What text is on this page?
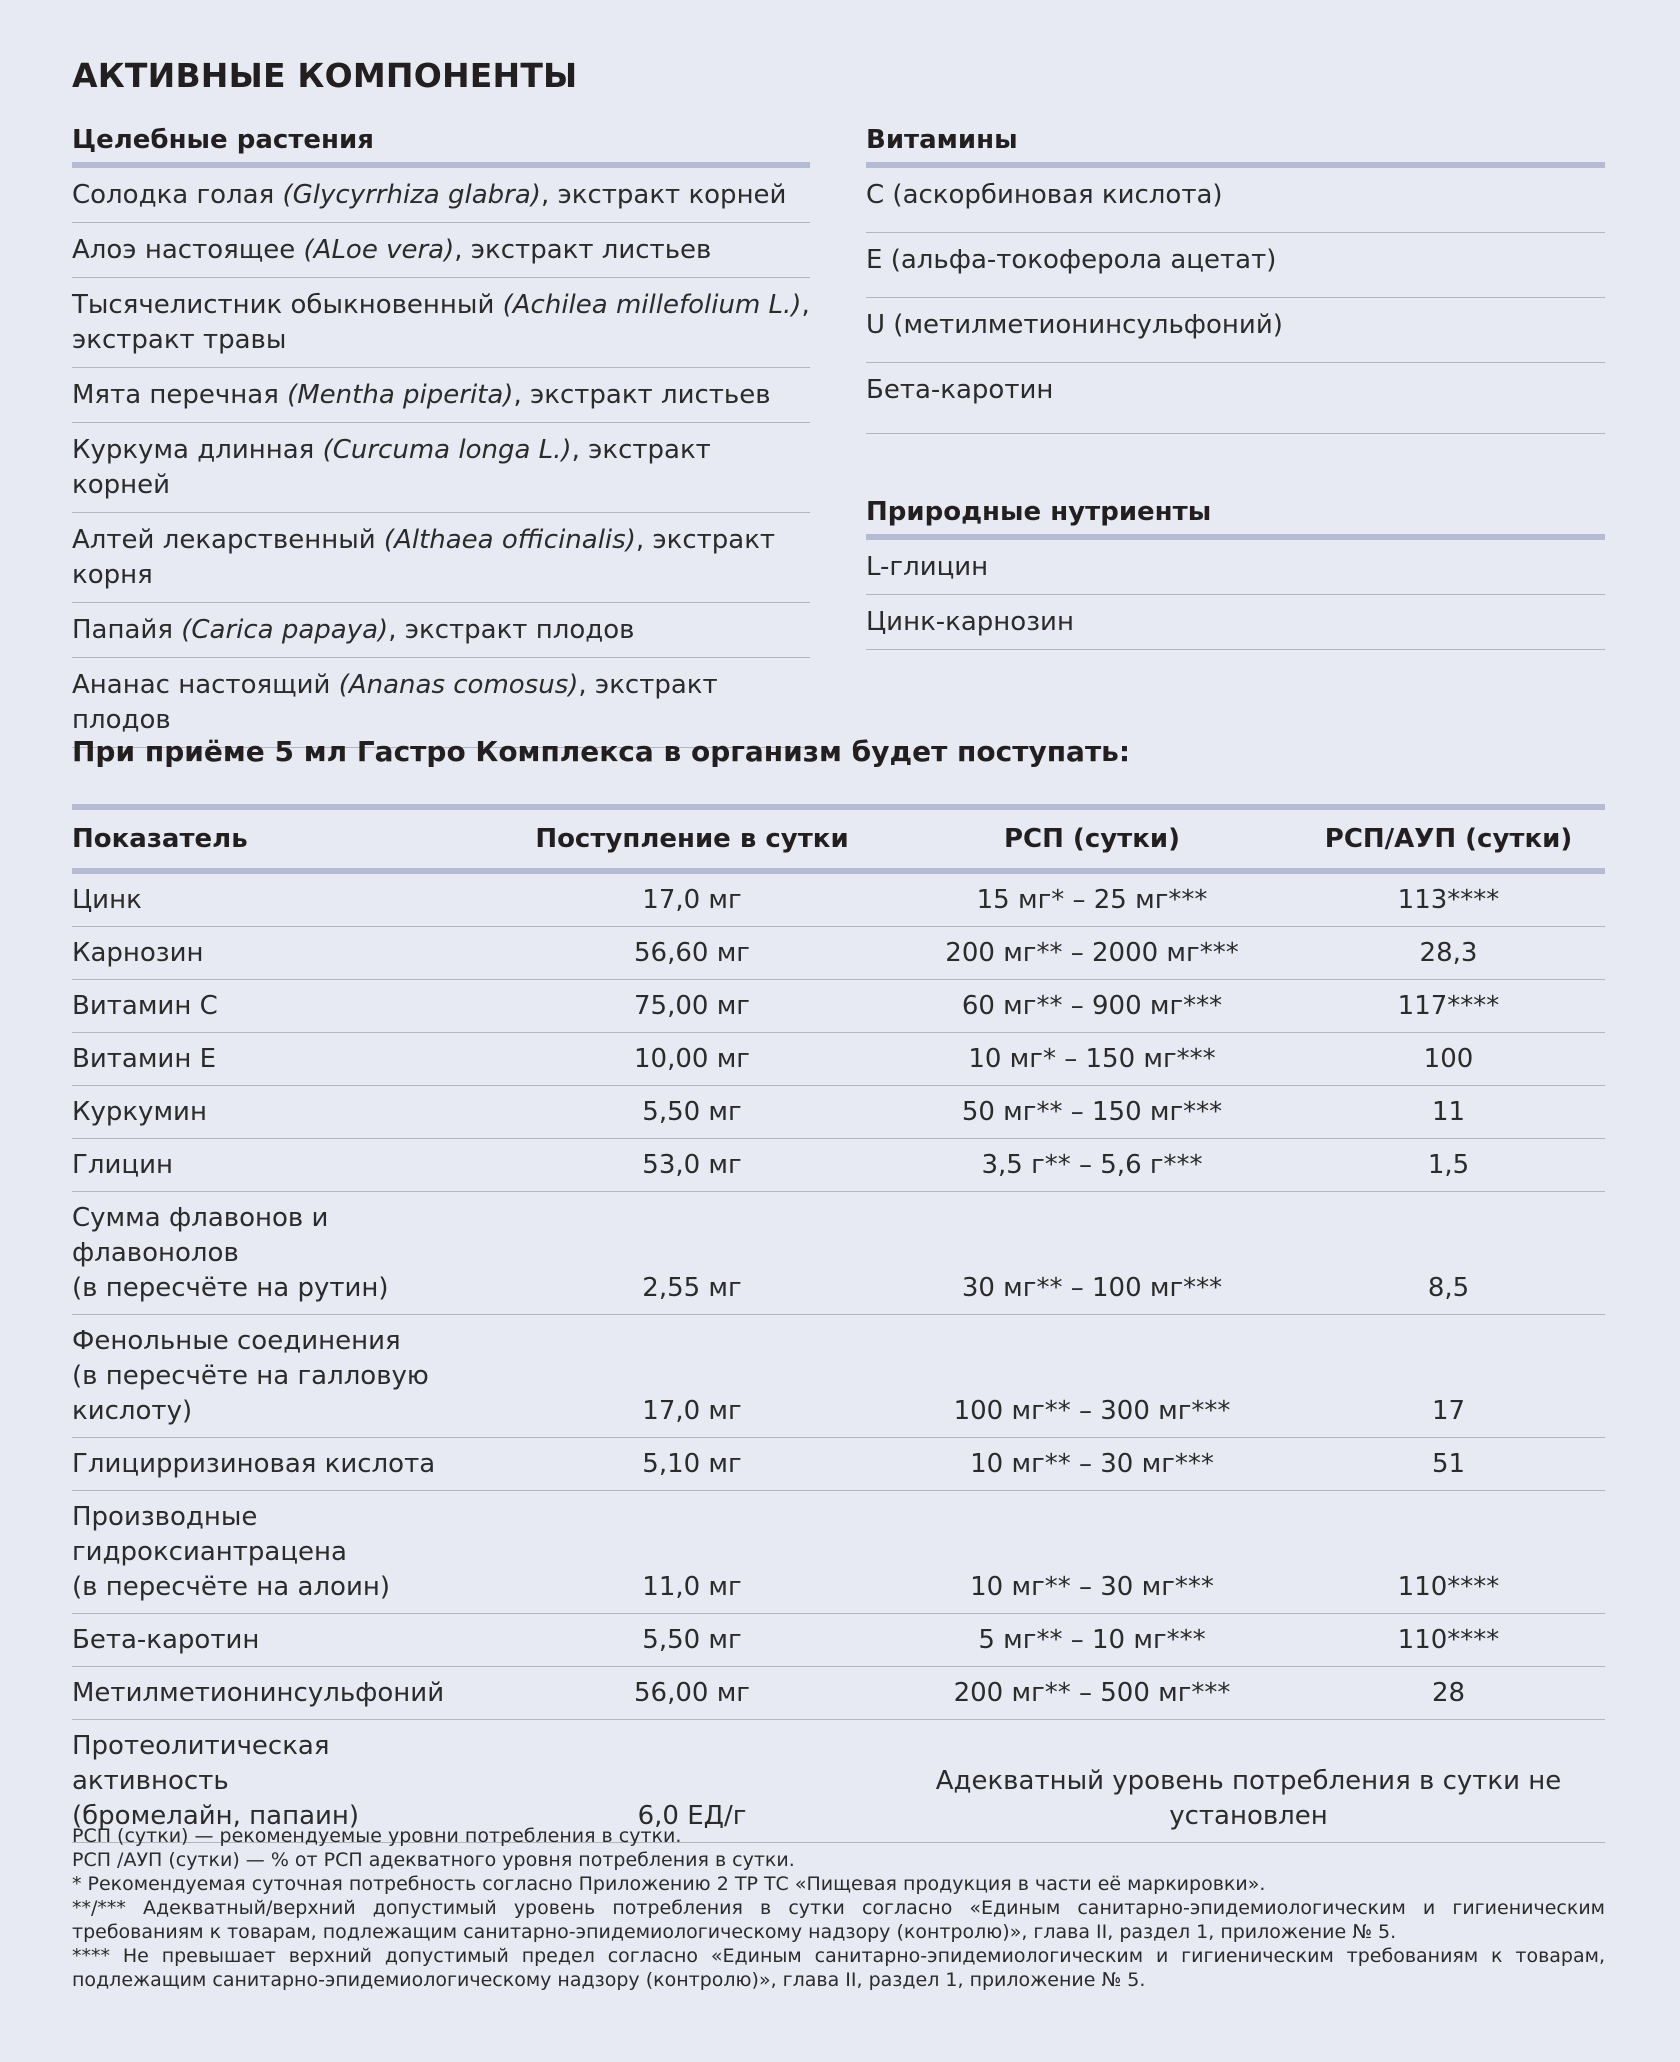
АКТИВНЫЕ КОМПОНЕНТЫ
Целебные растения
Солодка голая (Glycyrrhiza glabra), экстракт корней
Алоэ настоящее (ALoe vera), экстракт листьев
Тысячелистник обыкновенный (Achilea millefolium L.), экстракт травы
Мята перечная (Mentha piperita), экстракт листьев
Куркума длинная (Curcuma longa L.), экстракт корней
Алтей лекарственный (Althaea officinalis), экстракт корня
Папайя (Carica papaya), экстракт плодов
Ананас настоящий (Ananas comosus), экстракт плодов
Витамины
С (аскорбиновая кислота)
Е (альфа-токоферола ацетат)
U (метилметионинсульфоний)
Бета-каротин
Природные нутриенты
L-глицин
Цинк-карнозин
При приёме 5 мл Гастро Комплекса в организм будет поступать:
Показатель	Поступление в сутки	РСП (сутки)	РСП/АУП (сутки)
Цинк	17,0 мг	15 мг* – 25 мг***	113****
Карнозин	56,60 мг	200 мг** – 2000 мг***	28,3
Витамин С	75,00 мг	60 мг** – 900 мг***	117****
Витамин Е	10,00 мг	10 мг* – 150 мг***	100
Куркумин	5,50 мг	50 мг** – 150 мг***	11
Глицин	53,0 мг	3,5 г** – 5,6 г***	1,5
Сумма флавонов и флавонолов
(в пересчёте на рутин)	2,55 мг	30 мг** – 100 мг***	8,5
Фенольные соединения
(в пересчёте на галловую
кислоту)	17,0 мг	100 мг** – 300 мг***	17
Глицирризиновая кислота	5,10 мг	10 мг** – 30 мг***	51
Производные
гидроксиантрацена
(в пересчёте на алоин)	11,0 мг	10 мг** – 30 мг***	110****
Бета-каротин	5,50 мг	5 мг** – 10 мг***	110****
Метилметионинсульфоний	56,00 мг	200 мг** – 500 мг***	28
Протеолитическая активность
(бромелайн, папаин)	6,0 ЕД/г	Адекватный уровень потребления в сутки не установлен	

РСП (сутки) — рекомендуемые уровни потребления в сутки.

РСП /АУП (сутки) — % от РСП адекватного уровня потребления в сутки.

* Рекомендуемая суточная потребность согласно Приложению 2 ТР ТС «Пищевая продукция в части её маркировки».

**/*** Адекватный/верхний допустимый уровень потребления в сутки согласно «Единым санитарно-эпидемиологическим и гигиеническим требованиям к товарам, подлежащим санитарно-эпидемиологическому надзору (контролю)», глава II, раздел 1, приложение № 5.

**** Не превышает верхний допустимый предел согласно «Единым санитарно-эпидемиологическим и гигиеническим требованиям к товарам, подлежащим санитарно-эпидемиологическому надзору (контролю)», глава II, раздел 1, приложение № 5.
